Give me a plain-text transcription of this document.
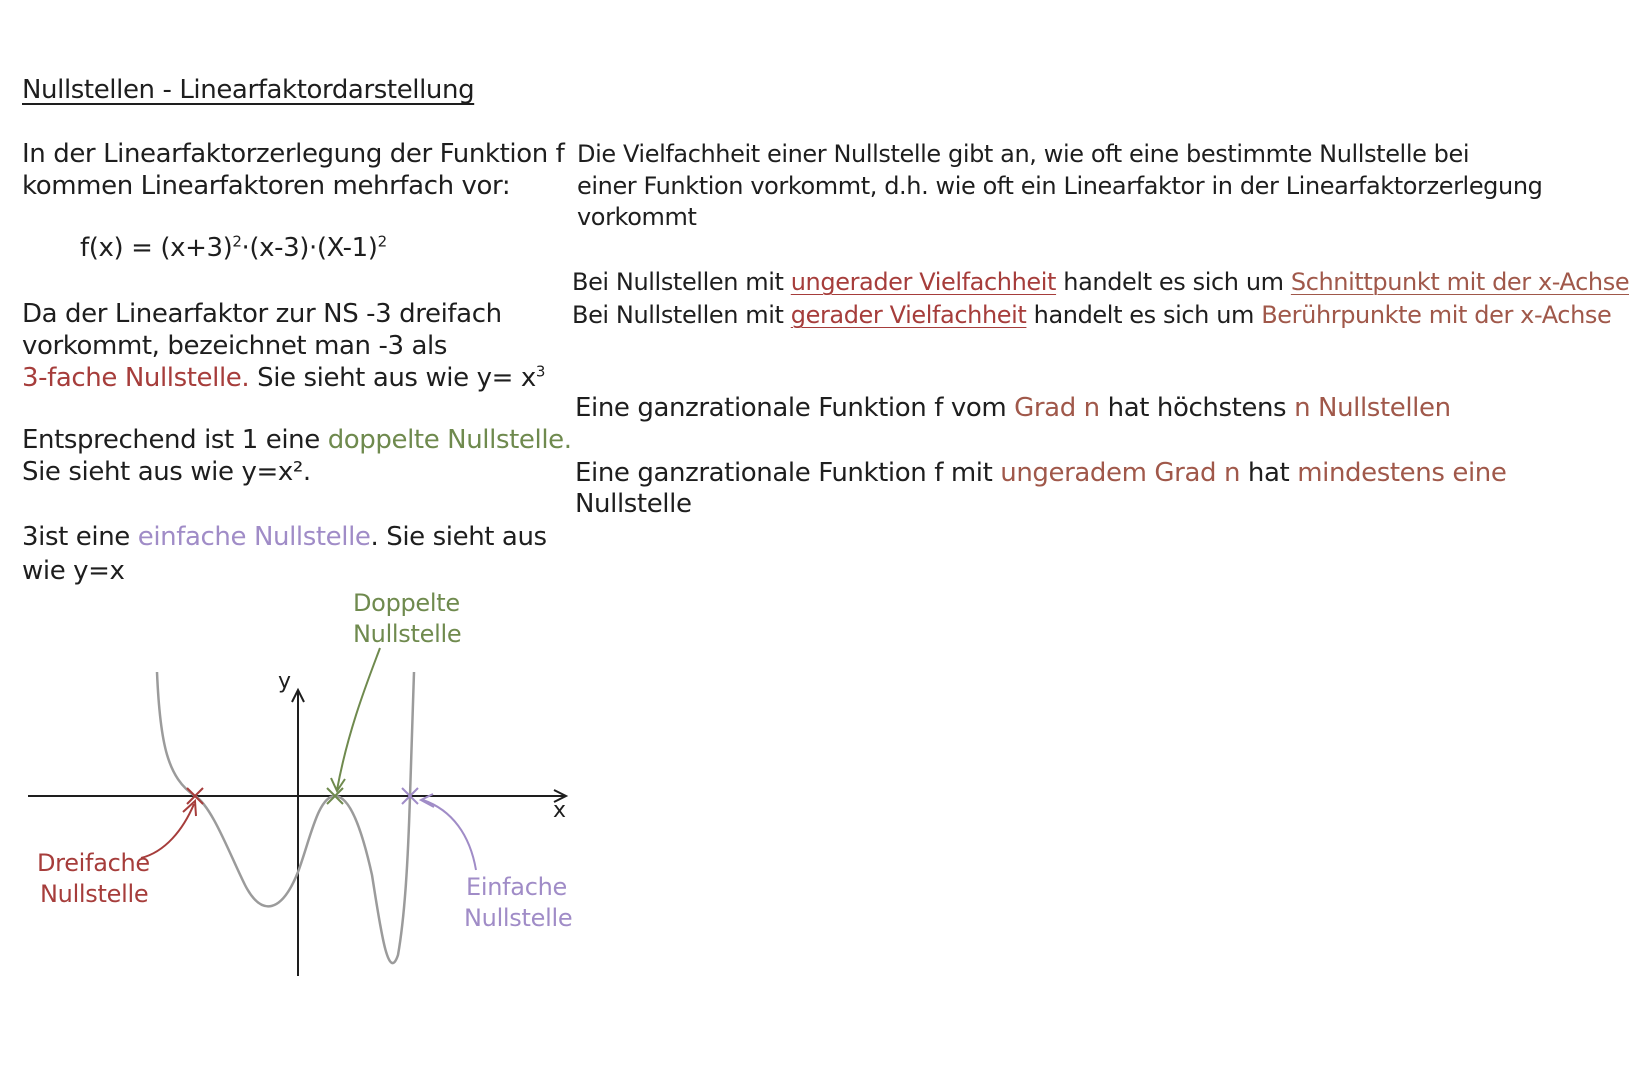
Nullstellen - Linearfaktordarstellung

In der Linearfaktorzerlegung der Funktion f

kommen Linearfaktoren mehrfach vor:

$f(x) = (x+3)^2\cdot(x-3)\cdot(X-1)^2$

Da der Linearfaktor zur NS -3 dreifach

vorkommt, bezeichnet man -3 als

3-fache Nullstelle. Sie sieht aus wie $y= x^3$

Entsprechend ist 1 eine doppelte Nullstelle.

Sie sieht aus wie y=x².

3ist eine einfache Nullstelle. Sie sieht aus

wie y=x

Die Vielfachheit einer Nullstelle gibt an, wie oft eine bestimmte Nullstelle bei

einer Funktion vorkommt, d.h. wie oft ein Linearfaktor in der Linearfaktorzerlegung

vorkommt

Bei Nullstellen mit ungerader Vielfachheit handelt es sich um Schnittpunkt mit der x-Achse

Bei Nullstellen mit gerader Vielfachheit handelt es sich um Berührpunkte mit der x-Achse

Eine ganzrationale Funktion f vom Grad n hat höchstens n Nullstellen

Eine ganzrationale Funktion f mit ungeradem Grad n hat mindestens eine

Nullstelle

y

x

Dreifache

Nullstelle

Doppelte

Nullstelle

Einfache

Nullstelle
